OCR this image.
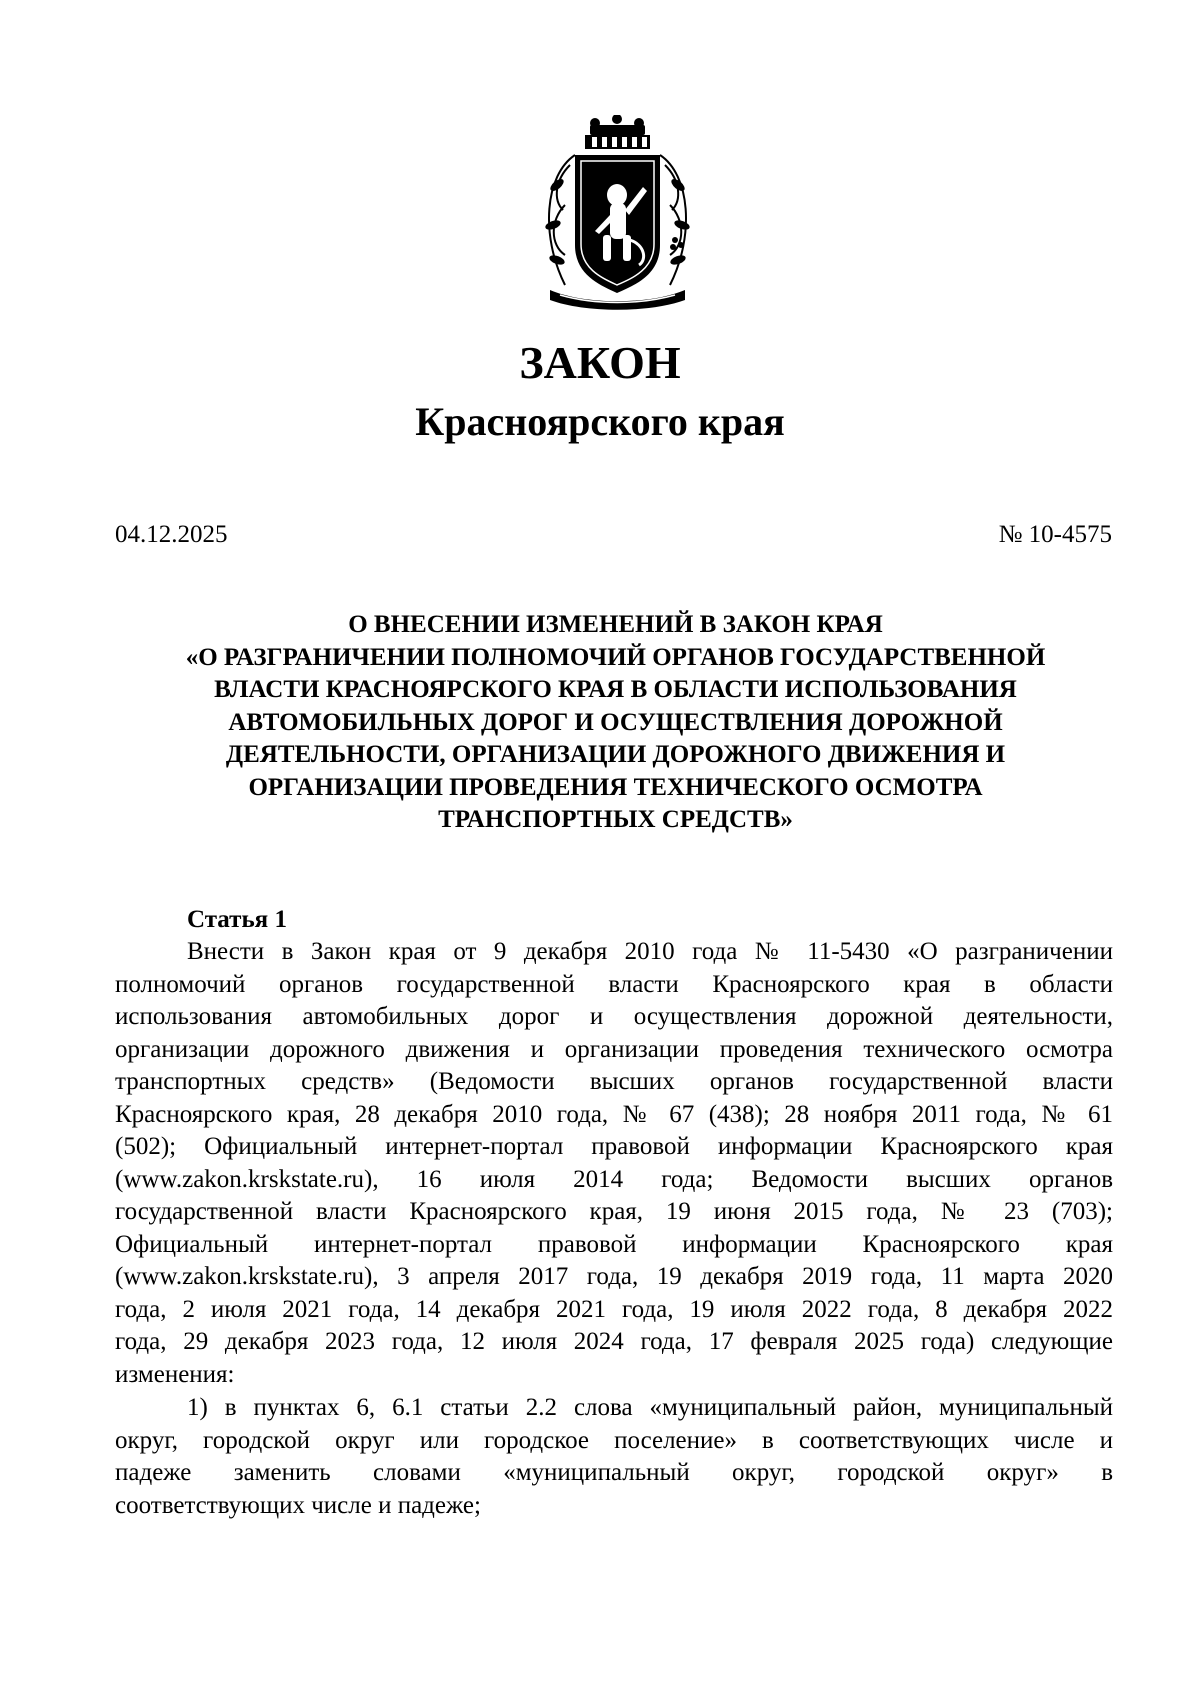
ЗАКОН
Красноярского края
04.12.2025	№ 10-4575
О ВНЕСЕНИИ ИЗМЕНЕНИЙ В ЗАКОН КРАЯ
«О РАЗГРАНИЧЕНИИ ПОЛНОМОЧИЙ ОРГАНОВ ГОСУДАРСТВЕННОЙ
ВЛАСТИ КРАСНОЯРСКОГО КРАЯ В ОБЛАСТИ ИСПОЛЬЗОВАНИЯ
АВТОМОБИЛЬНЫХ ДОРОГ И ОСУЩЕСТВЛЕНИЯ ДОРОЖНОЙ
ДЕЯТЕЛЬНОСТИ, ОРГАНИЗАЦИИ ДОРОЖНОГО ДВИЖЕНИЯ И
ОРГАНИЗАЦИИ ПРОВЕДЕНИЯ ТЕХНИЧЕСКОГО ОСМОТРА
ТРАНСПОРТНЫХ СРЕДСТВ»
Статья 1
Внести в Закон края от 9 декабря 2010 года № 11-5430 «О разграничении
полномочий органов государственной власти Красноярского края в области
использования автомобильных дорог и осуществления дорожной деятельности,
организации дорожного движения и организации проведения технического осмотра
транспортных средств» (Ведомости высших органов государственной власти
Красноярского края, 28 декабря 2010 года, № 67 (438); 28 ноября 2011 года, № 61
(502); Официальный интернет-портал правовой информации Красноярского края
(www.zakon.krskstate.ru), 16 июля 2014 года; Ведомости высших органов
государственной власти Красноярского края, 19 июня 2015 года, № 23 (703);
Официальный интернет-портал правовой информации Красноярского края
(www.zakon.krskstate.ru), 3 апреля 2017 года, 19 декабря 2019 года, 11 марта 2020
года, 2 июля 2021 года, 14 декабря 2021 года, 19 июля 2022 года, 8 декабря 2022
года, 29 декабря 2023 года, 12 июля 2024 года, 17 февраля 2025 года) следующие
изменения:
1) в пунктах 6, 6.1 статьи 2.2 слова «муниципальный район, муниципальный
округ, городской округ или городское поселение» в соответствующих числе и
падеже заменить словами «муниципальный округ, городской округ» в
соответствующих числе и падеже;
